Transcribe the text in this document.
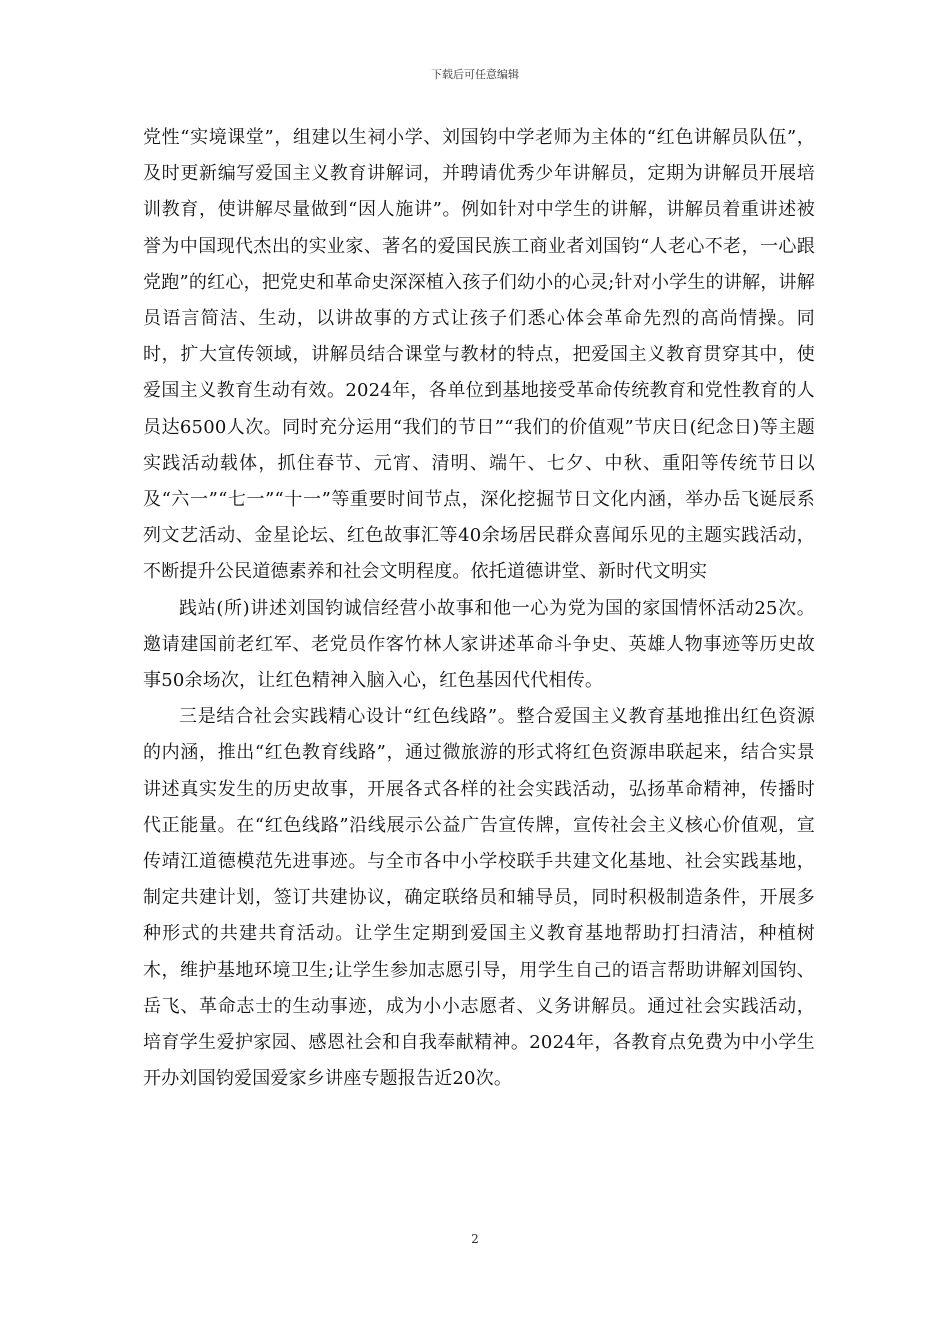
下载后可任意编辑

党性“实境课堂”，组建以生祠小学、刘国钧中学老师为主体的“红色讲解员队伍”，及时更新编写爱国主义教育讲解词，并聘请优秀少年讲解员，定期为讲解员开展培训教育，使讲解尽量做到“因人施讲”。例如针对中学生的讲解，讲解员着重讲述被誉为中国现代杰出的实业家、著名的爱国民族工商业者刘国钧“人老心不老，一心跟党跑”的红心，把党史和革命史深深植入孩子们幼小的心灵;针对小学生的讲解，讲解员语言简洁、生动，以讲故事的方式让孩子们悉心体会革命先烈的高尚情操。同时，扩大宣传领域，讲解员结合课堂与教材的特点，把爱国主义教育贯穿其中，使爱国主义教育生动有效。2024年，各单位到基地接受革命传统教育和党性教育的人员达6500人次。同时充分运用“我们的节日”“我们的价值观”节庆日(纪念日)等主题实践活动载体，抓住春节、元宵、清明、端午、七夕、中秋、重阳等传统节日以及“六一”“七一”“十一”等重要时间节点，深化挖掘节日文化内涵，举办岳飞诞辰系列文艺活动、金星论坛、红色故事汇等40余场居民群众喜闻乐见的主题实践活动，不断提升公民道德素养和社会文明程度。依托道德讲堂、新时代文明实

践站(所)讲述刘国钧诚信经营小故事和他一心为党为国的家国情怀活动25次。邀请建国前老红军、老党员作客竹林人家讲述革命斗争史、英雄人物事迹等历史故事50余场次，让红色精神入脑入心，红色基因代代相传。

三是结合社会实践精心设计“红色线路”。整合爱国主义教育基地推出红色资源的内涵，推出“红色教育线路”，通过微旅游的形式将红色资源串联起来，结合实景讲述真实发生的历史故事，开展各式各样的社会实践活动，弘扬革命精神，传播时代正能量。在“红色线路”沿线展示公益广告宣传牌，宣传社会主义核心价值观，宣传靖江道德模范先进事迹。与全市各中小学校联手共建文化基地、社会实践基地，制定共建计划，签订共建协议，确定联络员和辅导员，同时积极制造条件，开展多种形式的共建共育活动。让学生定期到爱国主义教育基地帮助打扫清洁，种植树木，维护基地环境卫生;让学生参加志愿引导，用学生自己的语言帮助讲解刘国钧、岳飞、革命志士的生动事迹，成为小小志愿者、义务讲解员。通过社会实践活动，培育学生爱护家园、感恩社会和自我奉献精神。2024年，各教育点免费为中小学生开办刘国钧爱国爱家乡讲座专题报告近20次。

2
